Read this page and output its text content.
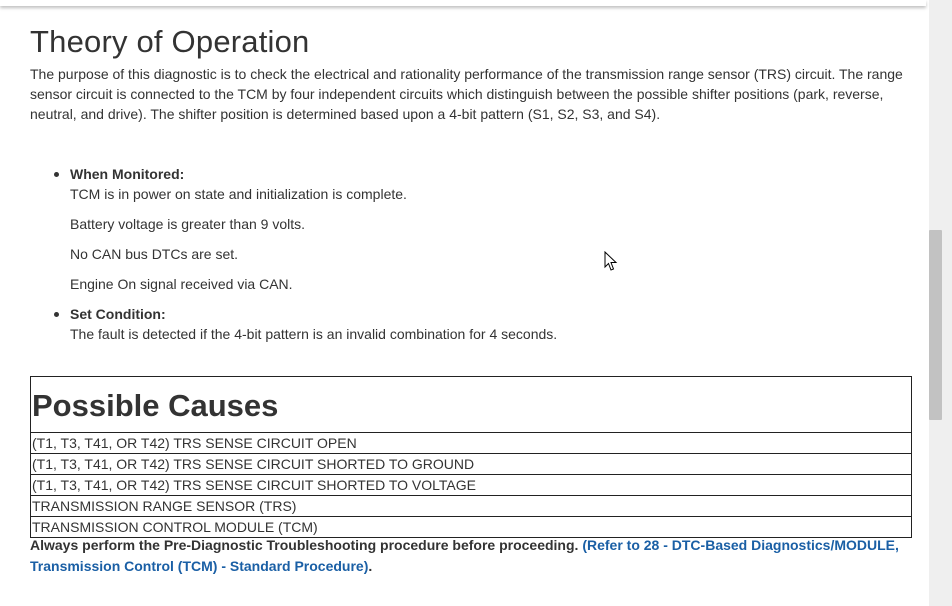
Theory of Operation

The purpose of this diagnostic is to check the electrical and rationality performance of the transmission range sensor (TRS) circuit. The range sensor circuit is connected to the TCM by four independent circuits which distinguish between the possible shifter positions (park, reverse, neutral, and drive). The shifter position is determined based upon a 4-bit pattern (S1, S2, S3, and S4).

When Monitored:
TCM is in power on state and initialization is complete.
Battery voltage is greater than 9 volts.
No CAN bus DTCs are set.
Engine On signal received via CAN.
Set Condition:
The fault is detected if the 4-bit pattern is an invalid combination for 4 seconds.
Possible Causes
(T1, T3, T41, OR T42) TRS SENSE CIRCUIT OPEN
(T1, T3, T41, OR T42) TRS SENSE CIRCUIT SHORTED TO GROUND
(T1, T3, T41, OR T42) TRS SENSE CIRCUIT SHORTED TO VOLTAGE
TRANSMISSION RANGE SENSOR (TRS)
TRANSMISSION CONTROL MODULE (TCM)

Always perform the Pre-Diagnostic Troubleshooting procedure before proceeding. (Refer to 28 - DTC-Based Diagnostics/MODULE, Transmission Control (TCM) - Standard Procedure).
